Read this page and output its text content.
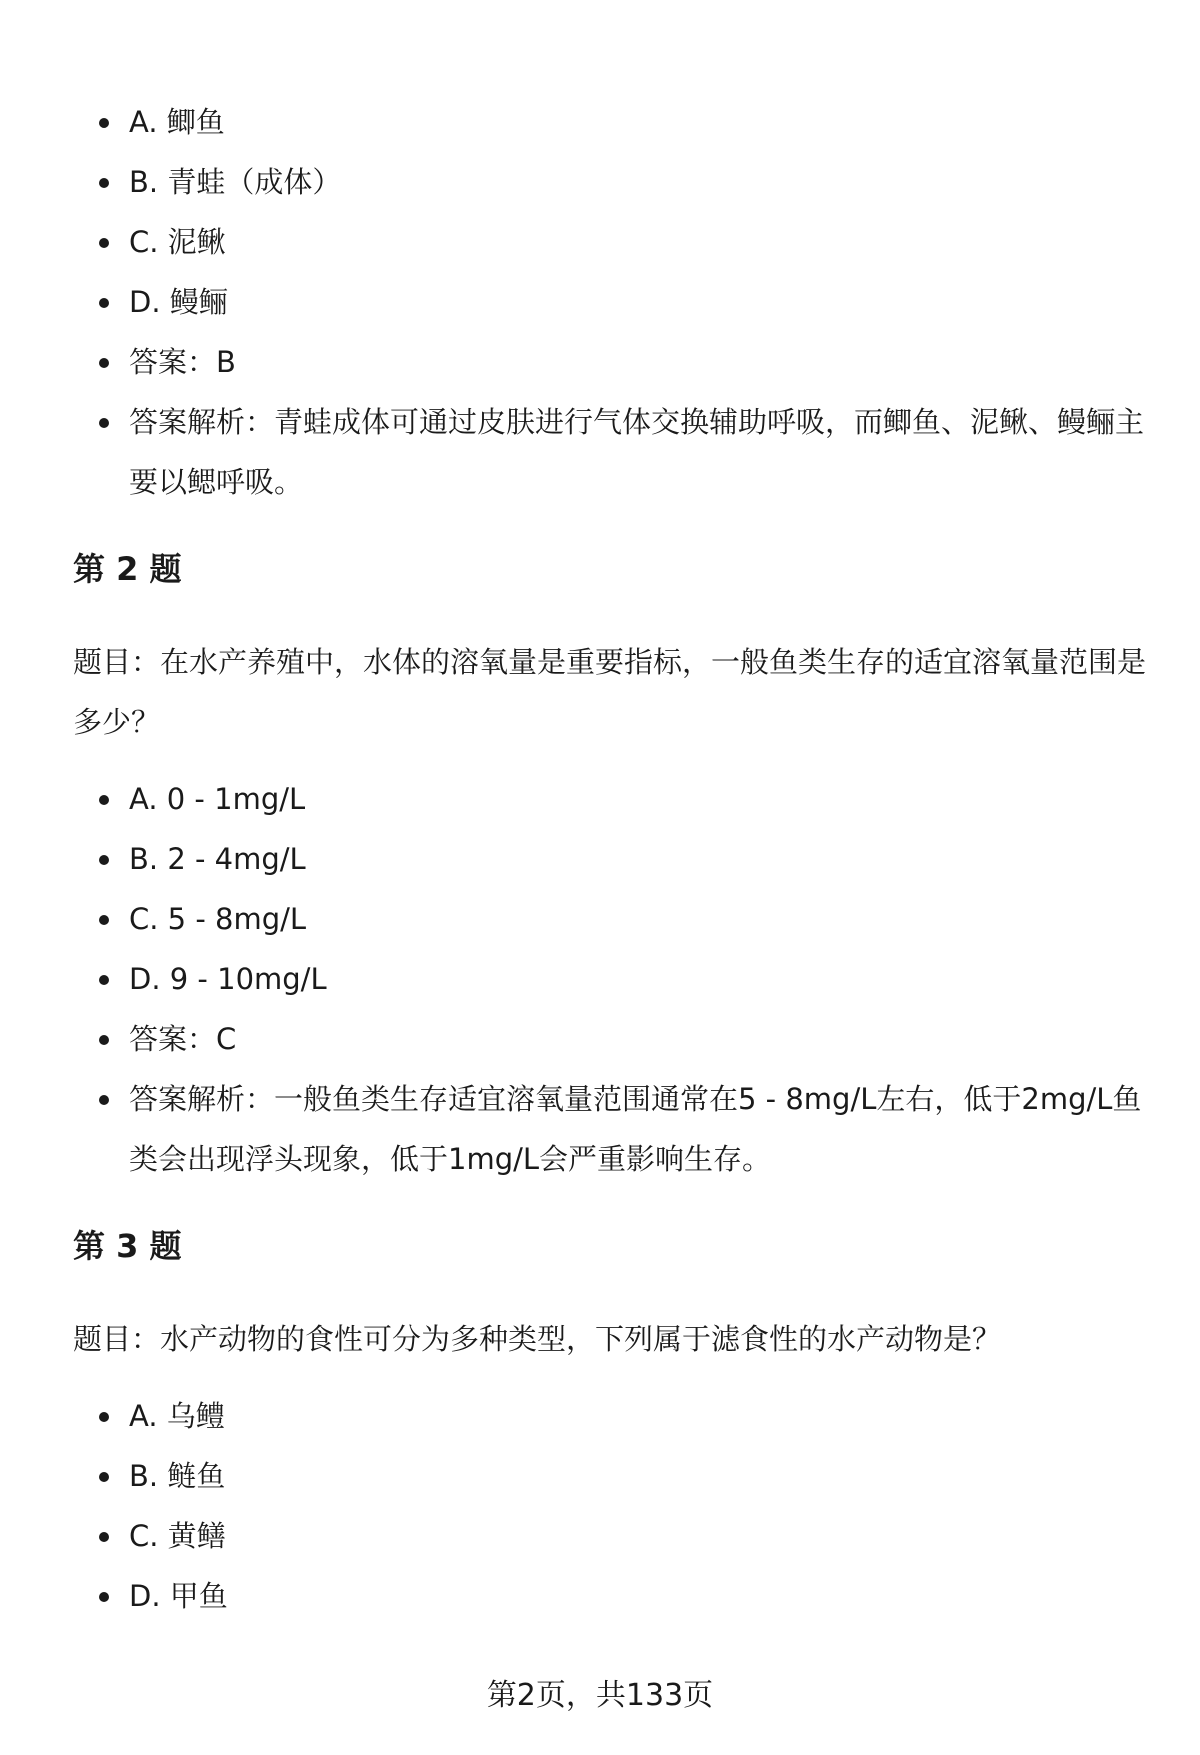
A. 鲫鱼
B. 青蛙（成体）
C. 泥鳅
D. 鳗鲡
答案：B
答案解析：青蛙成体可通过皮肤进行气体交换辅助呼吸，而鲫鱼、泥鳅、鳗鲡主要以鳃呼吸。
第 2 题

题目：在水产养殖中，水体的溶氧量是重要指标，一般鱼类生存的适宜溶氧量范围是多少？

A. 0 - 1mg/L
B. 2 - 4mg/L
C. 5 - 8mg/L
D. 9 - 10mg/L
答案：C
答案解析：一般鱼类生存适宜溶氧量范围通常在5 - 8mg/L左右，低于2mg/L鱼类会出现浮头现象，低于1mg/L会严重影响生存。
第 3 题

题目：水产动物的食性可分为多种类型，下列属于滤食性的水产动物是？

A. 乌鳢
B. 鲢鱼
C. 黄鳝
D. 甲鱼
第2页，共133页
